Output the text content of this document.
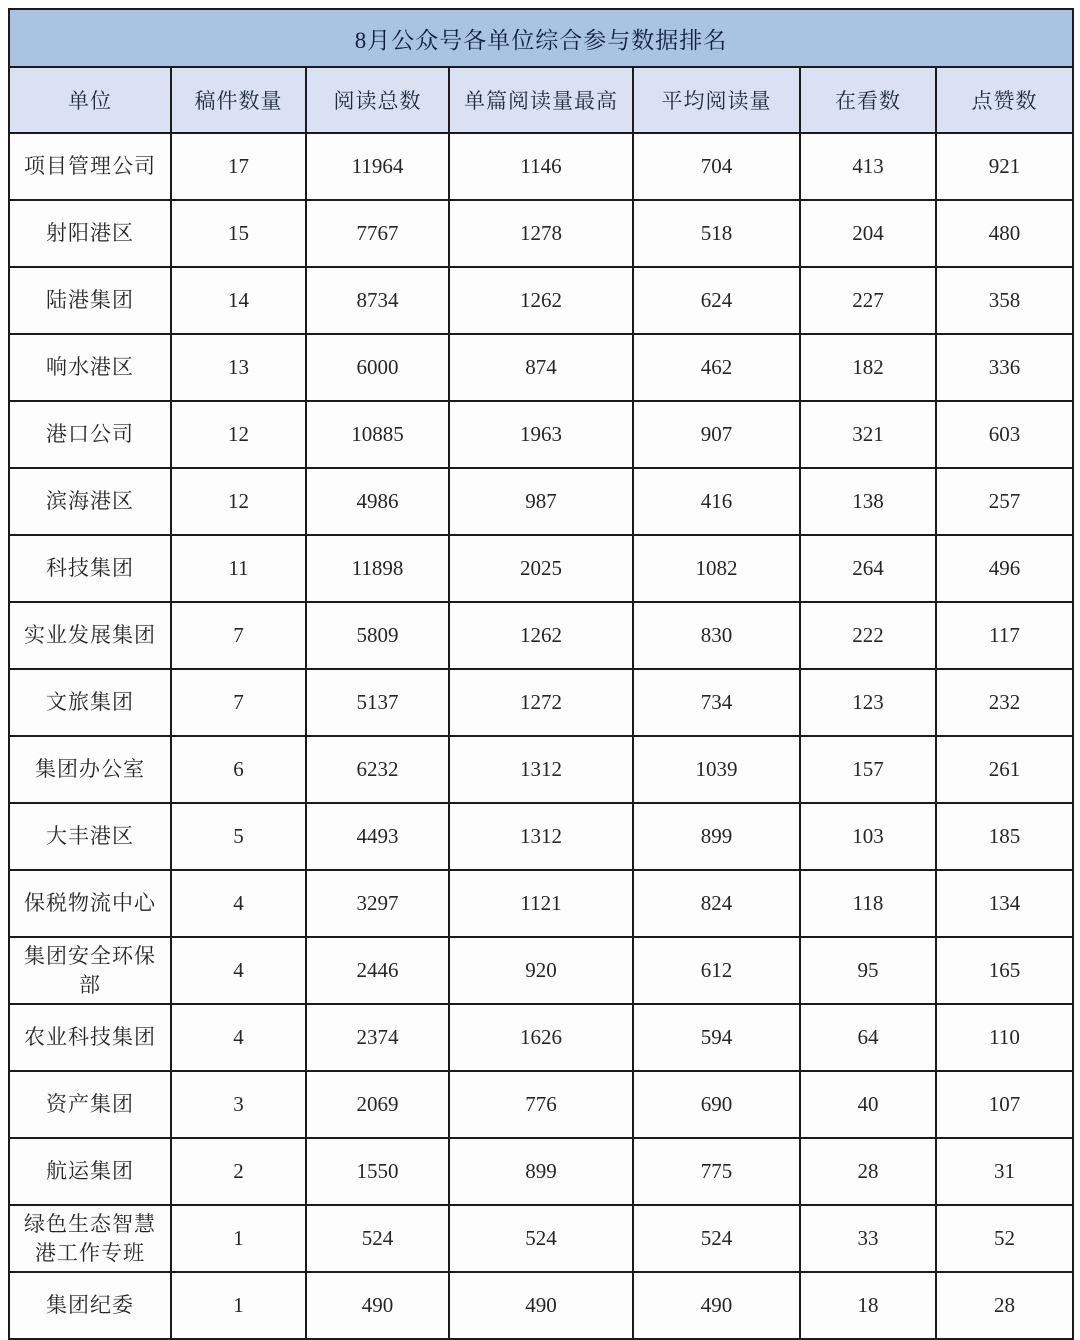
8月公众号各单位综合参与数据排名						
单位	稿件数量	阅读总数	单篇阅读量最高	平均阅读量	在看数	点赞数
项目管理公司	17	11964	1146	704	413	921
射阳港区	15	7767	1278	518	204	480
陆港集团	14	8734	1262	624	227	358
响水港区	13	6000	874	462	182	336
港口公司	12	10885	1963	907	321	603
滨海港区	12	4986	987	416	138	257
科技集团	11	11898	2025	1082	264	496
实业发展集团	7	5809	1262	830	222	117
文旅集团	7	5137	1272	734	123	232
集团办公室	6	6232	1312	1039	157	261
大丰港区	5	4493	1312	899	103	185
保税物流中心	4	3297	1121	824	118	134
集团安全环保部	4	2446	920	612	95	165
农业科技集团	4	2374	1626	594	64	110
资产集团	3	2069	776	690	40	107
航运集团	2	1550	899	775	28	31
绿色生态智慧港工作专班	1	524	524	524	33	52
集团纪委	1	490	490	490	18	28
